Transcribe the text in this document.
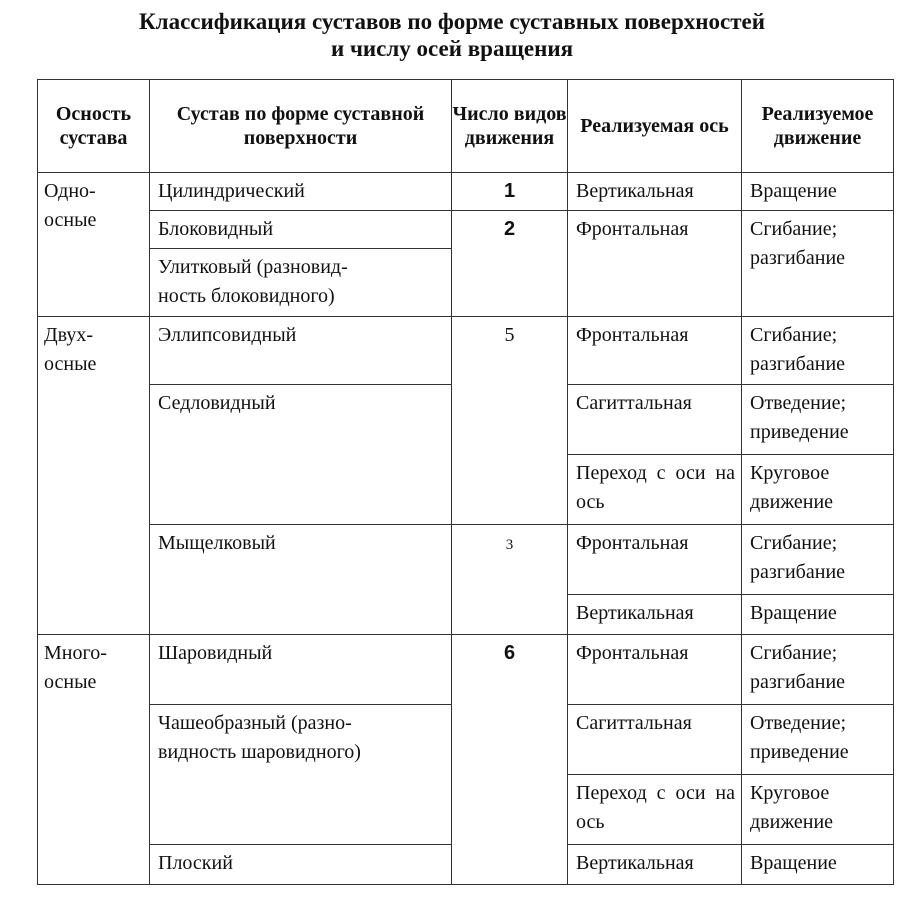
Классификация суставов по форме суставных поверхностей
и числу осей вращения
Осность сустава	Сустав по форме суставной поверхности	Число видов движения	Реализуемая ось	Реализуемое движение
Одно-
осные	Цилиндрический	1	Вертикальная	Вращение
	Блоковидный	2	Фронтальная	Сгибание;
разгибание
	Улитковый (разновид-
ность блоковидного)			
Двух-
осные	Эллипсовидный	5	Фронтальная	Сгибание;
разгибание
	Седловидный		Сагиттальная	Отведение;
приведение
			Переход с оси на ось	Круговое
движение
	Мыщелковый	3	Фронтальная	Сгибание;
разгибание
			Вертикальная	Вращение
Много-
осные	Шаровидный	6	Фронтальная	Сгибание;
разгибание
	Чашеобразный (разно-
видность шаровидного)		Сагиттальная	Отведение;
приведение
			Переход с оси на ось	Круговое
движение
	Плоский		Вертикальная	Вращение
